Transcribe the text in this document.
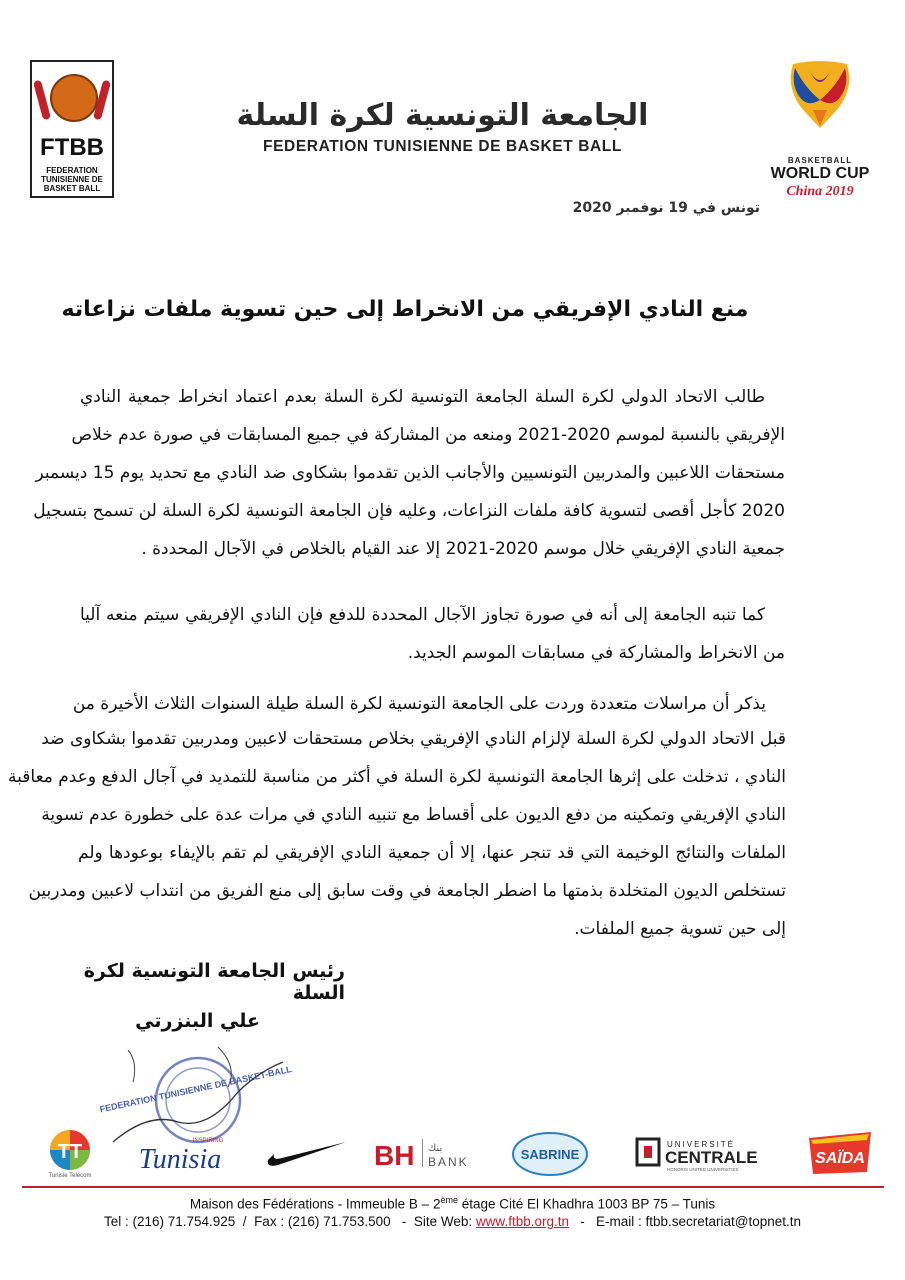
FTBB
FEDERATION
TUNISIENNE DE
BASKET BALL
الجامعة التونسية لكرة السلة
FEDERATION TUNISIENNE DE BASKET BALL
BASKETBALL
WORLD CUP
China 2019
تونس في 19 نوفمبر 2020
منع النادي الإفريقي من الانخراط إلى حين تسوية ملفات نزاعاته
طالب الاتحاد الدولي لكرة السلة الجامعة التونسية لكرة السلة بعدم اعتماد انخراط جمعية النادي
الإفريقي بالنسبة لموسم 2020-2021 ومنعه من المشاركة في جميع المسابقات في صورة عدم خلاص
مستحقات اللاعبين والمدربين التونسيين والأجانب الذين تقدموا بشكاوى ضد النادي مع تحديد يوم 15 ديسمبر
2020 كأجل أقصى لتسوية كافة ملفات النزاعات، وعليه فإن الجامعة التونسية لكرة السلة لن تسمح بتسجيل
جمعية النادي الإفريقي خلال موسم 2020-2021 إلا عند القيام بالخلاص في الآجال المحددة .
كما تنبه الجامعة إلى أنه في صورة تجاوز الآجال المحددة للدفع فإن النادي الإفريقي سيتم منعه آليا
من الانخراط والمشاركة في مسابقات الموسم الجديد.
يذكر أن مراسلات متعددة وردت على الجامعة التونسية لكرة السلة طيلة السنوات الثلاث الأخيرة من
قبل الاتحاد الدولي لكرة السلة لإلزام النادي الإفريقي بخلاص مستحقات لاعبين ومدربين تقدموا بشكاوى ضد
النادي ، تدخلت على إثرها الجامعة التونسية لكرة السلة في أكثر من مناسبة للتمديد في آجال الدفع وعدم معاقبة
النادي الإفريقي وتمكينه من دفع الديون على أقساط مع تنبيه النادي في مرات عدة على خطورة عدم تسوية
الملفات والنتائج الوخيمة التي قد تنجر عنها، إلا أن جمعية النادي الإفريقي لم تقم بالإيفاء بوعودها ولم
تستخلص الديون المتخلدة بذمتها ما اضطر الجامعة في وقت سابق إلى منع الفريق من انتداب لاعبين ومدربين
إلى حين تسوية جميع الملفات.
رئيس الجامعة التونسية لكرة السلة
علي البنزرتي
FEDERATION TUNISIENNE DE BASKET-BALL
TT
Tunisie Telecom
INSPIRING
Tunisia	BH بنك
BANK	SABRINE
UNIVERSITÉ
CENTRALE
HONORIS UNITED UNIVERSITIES
SAÏDA
Maison des Fédérations - Immeuble B – 2ème étage Cité El Khadhra 1003 BP 75 – Tunis
Tel : (216) 71.754.925  /  Fax : (216) 71.753.500   -  Site Web: www.ftbb.org.tn   -   E-mail : ftbb.secretariat@topnet.tn
